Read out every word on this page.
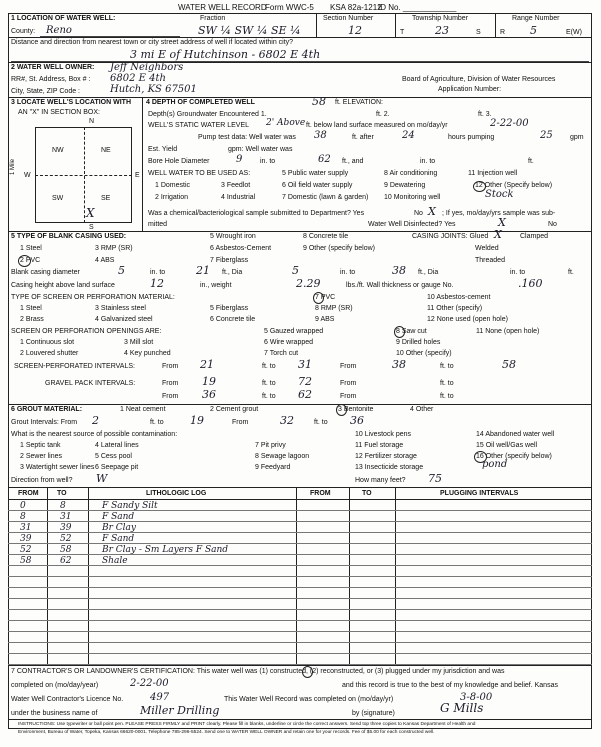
WATER WELL RECORD
Form WWC-5 KSA 82a-1212
ID No. ____________
1 LOCATION OF WATER WELL:	Fraction	Section Number	Township Number	Range Number
County: Reno	SW ¼ SW ¼ SE ¼	12	T	23	S	R 5	E(W)
Distance and direction from nearest town or city street address of well if located within city?
3 mi E of Hutchinson - 6802 E 4th
2 WATER WELL OWNER: Jeff Neighbors
RR#, St. Address, Box # : 6802 E 4th
City, State, ZIP Code :	Hutch, KS 67501
Board of Agriculture, Division of Water Resources
Application Number:
3 LOCATE WELL'S LOCATION WITH
AN "X" IN SECTION BOX:
N
S
W	E
1 Mile
NW	NE
SW	SE
X
4 DEPTH OF COMPLETED WELL	58 ft. ELEVATION:
Depth(s) Groundwater Encountered 1.	ft. 2.	ft. 3.
WELL'S STATIC WATER LEVEL 2' Above ft. below land surface measured on mo/day/yr	2-22-00
Pump test data: Well water was 38	ft. after	24	hours pumping	25 gpm
Est. Yield	gpm: Well water was
Bore Hole Diameter	9	in. to	62 ft., and	in. to	ft.
WELL WATER TO BE USED AS:	5 Public water supply	8 Air conditioning	11 Injection well
1 Domestic	3 Feedlot	6 Oil field water supply	9 Dewatering	12 Other (Specify below)
2 Irrigation	4 Industrial	7 Domestic (lawn & garden) 10 Monitoring well	Stock
Was a chemical/bacteriological sample submitted to Department? Yes	No X ; If yes, mo/day/yrs sample was sub-
mitted	Water Well Disinfected? Yes	X	No
5 TYPE OF BLANK CASING USED:	5 Wrought iron	8 Concrete tile
1 Steel	3 RMP (SR)	6 Asbestos-Cement	9 Other (specify below)
2 PVC	4 ABS	7 Fiberglass
CASING JOINTS: Glued X	Clamped
Welded
Threaded
Blank casing diameter	5	in. to	21 ft., Dia	5	in. to	38 ft., Dia	in. to	ft.
Casing height above land surface	12	in., weight	2.29	lbs./ft. Wall thickness or gauge No.	.160
TYPE OF SCREEN OR PERFORATION MATERIAL:	7 PVC	10 Asbestos-cement
1 Steel	3 Stainless steel	5 Fiberglass	8 RMP (SR)	11 Other (specify)
2 Brass	4 Galvanized steel	6 Concrete tile	9 ABS	12 None used (open hole)
SCREEN OR PERFORATION OPENINGS ARE:	5 Gauzed wrapped	8 Saw cut	11 None (open hole)
1 Continuous slot	3 Mill slot	6 Wire wrapped	9 Drilled holes
2 Louvered shutter	4 Key punched	7 Torch cut	10 Other (specify)
SCREEN-PERFORATED INTERVALS:	From 21	ft. to 31	From	38	ft. to	58
GRAVEL PACK INTERVALS:	From 19	ft. to 72	From	ft. to
From 36	ft. to 62	From	ft. to
6 GROUT MATERIAL:	1 Neat cement	2 Cement grout	3 Bentonite	4 Other
Grout Intervals: From 2	ft. to 19	From	32	ft. to 36
What is the nearest source of possible contamination:	10 Livestock pens	14 Abandoned water well
1 Septic tank	4 Lateral lines	7 Pit privy	11 Fuel storage	15 Oil well/Gas well
2 Sewer lines	5 Cess pool	8 Sewage lagoon	12 Fertilizer storage	16 Other (specify below)
3 Watertight sewer lines 6 Seepage pit	9 Feedyard	13 Insecticide storage	pond
Direction from well? W	How many feet? 75
FROM	TO	LITHOLOGIC LOG	FROM	TO	PLUGGING INTERVALS
0	8	F Sandy Silt
8	31	F Sand
31	39	Br Clay
39	52	F Sand
52	58	Br Clay - Sm Layers F Sand
58	62	Shale
7 CONTRACTOR'S OR LANDOWNER'S CERTIFICATION: This water well was (1) constructed, (2) reconstructed, or (3) plugged under my jurisdiction and was
completed on (mo/day/year)	2-22-00	and this record is true to the best of my knowledge and belief. Kansas
Water Well Contractor's Licence No.	497	This Water Well Record was completed on (mo/day/yr)	3-8-00
under the business name of	Miller Drilling	by (signature)	G Mills
INSTRUCTIONS: Use typewriter or ball point pen. PLEASE PRESS FIRMLY and PRINT clearly. Please fill in blanks, underline or circle the correct answers. Send top three copies to Kansas Department of Health and
Environment, Bureau of Water, Topeka, Kansas 66620-0001. Telephone 785-296-5524. Send one to WATER WELL OWNER and retain one for your records. Fee of $5.00 for each constructed well.
